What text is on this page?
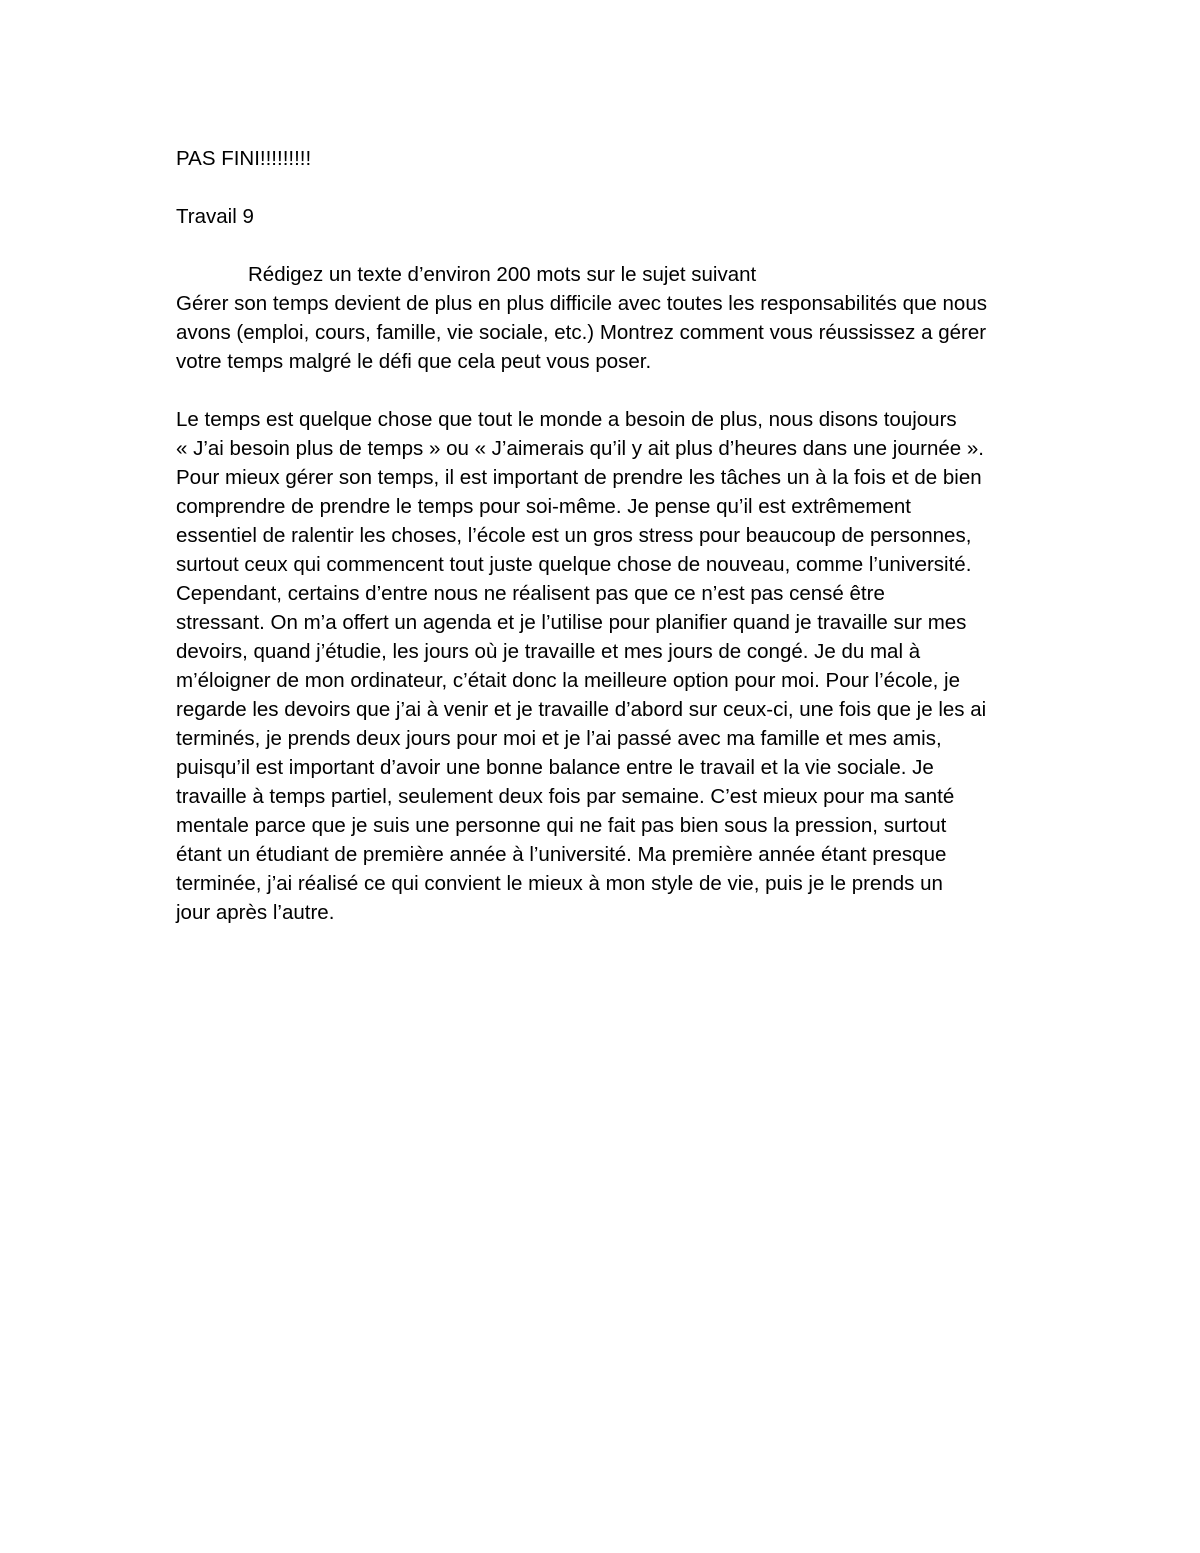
PAS FINI!!!!!!!!!
Travail 9
Rédigez un texte d’environ 200 mots sur le sujet suivant
Gérer son temps devient de plus en plus difficile avec toutes les responsabilités que nous
avons (emploi, cours, famille, vie sociale, etc.) Montrez comment vous réussissez a gérer
votre temps malgré le défi que cela peut vous poser.
Le temps est quelque chose que tout le monde a besoin de plus, nous disons toujours
« J’ai besoin plus de temps » ou « J’aimerais qu’il y ait plus d’heures dans une journée ».
Pour mieux gérer son temps, il est important de prendre les tâches un à la fois et de bien
comprendre de prendre le temps pour soi-même. Je pense qu’il est extrêmement
essentiel de ralentir les choses, l’école est un gros stress pour beaucoup de personnes,
surtout ceux qui commencent tout juste quelque chose de nouveau, comme l’université.
Cependant, certains d’entre nous ne réalisent pas que ce n’est pas censé être
stressant. On m’a offert un agenda et je l’utilise pour planifier quand je travaille sur mes
devoirs, quand j’étudie, les jours où je travaille et mes jours de congé. Je du mal à
m’éloigner de mon ordinateur, c’était donc la meilleure option pour moi. Pour l’école, je
regarde les devoirs que j’ai à venir et je travaille d’abord sur ceux-ci, une fois que je les ai
terminés, je prends deux jours pour moi et je l’ai passé avec ma famille et mes amis,
puisqu’il est important d’avoir une bonne balance entre le travail et la vie sociale. Je
travaille à temps partiel, seulement deux fois par semaine. C’est mieux pour ma santé
mentale parce que je suis une personne qui ne fait pas bien sous la pression, surtout
étant un étudiant de première année à l’université. Ma première année étant presque
terminée, j’ai réalisé ce qui convient le mieux à mon style de vie, puis je le prends un
jour après l’autre.
